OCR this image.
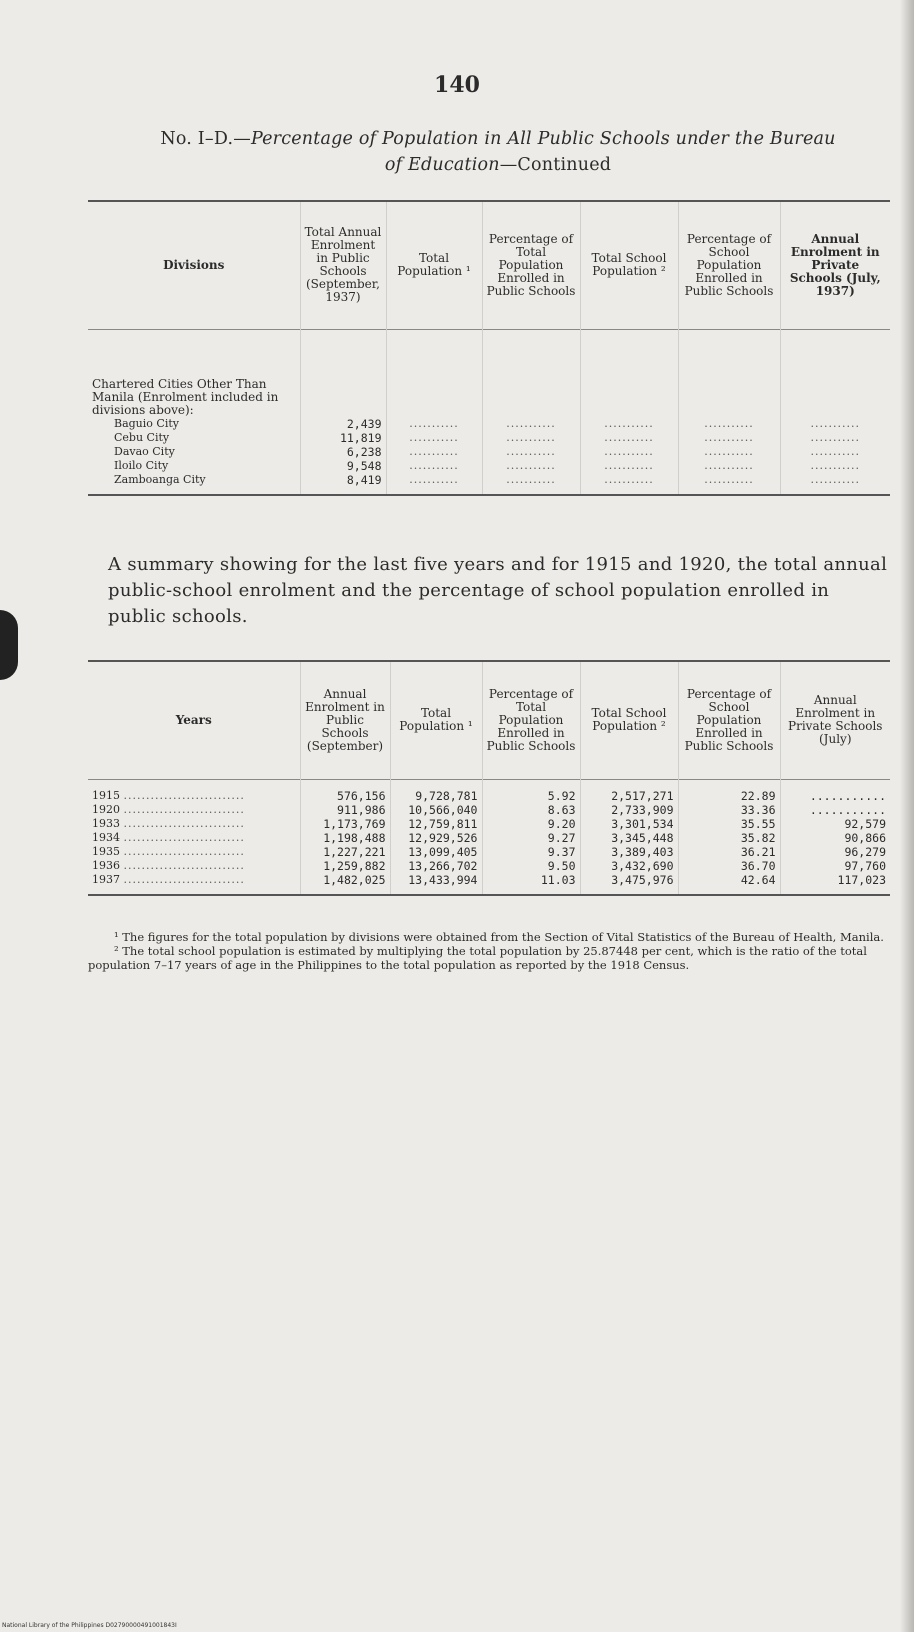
140
No. I–D.—Percentage of Population in All Public Schools under the Bureau
of Education—Continued
Divisions	Total Annual Enrolment in Public Schools (September, 1937)	Total Population ¹	Percentage of Total Population Enrolled in Public Schools	Total School Population ²	Percentage of School Population Enrolled in Public Schools	Annual Enrolment in Private Schools (July, 1937)
Chartered Cities Other Than Manila (Enrolment included in divisions above):						
Baguio City	2,439	...........	...........	...........	...........	...........
Cebu City	11,819	...........	...........	...........	...........	...........
Davao City	6,238	...........	...........	...........	...........	...........
Iloilo City	9,548	...........	...........	...........	...........	...........
Zamboanga City	8,419	...........	...........	...........	...........	...........
A summary showing for the last five years and for 1915 and 1920, the total annual public-school enrolment and the percentage of school population enrolled in public schools.
Years	Annual Enrolment in Public Schools (September)	Total Population ¹	Percentage of Total Population Enrolled in Public Schools	Total School Population ²	Percentage of School Population Enrolled in Public Schools	Annual Enrolment in Private Schools (July)

1915 ...........................	576,156	9,728,781	5.92	2,517,271	22.89	...........
1920 ...........................	911,986	10,566,040	8.63	2,733,909	33.36	...........
1933 ...........................	1,173,769	12,759,811	9.20	3,301,534	35.55	92,579
1934 ...........................	1,198,488	12,929,526	9.27	3,345,448	35.82	90,866
1935 ...........................	1,227,221	13,099,405	9.37	3,389,403	36.21	96,279
1936 ...........................	1,259,882	13,266,702	9.50	3,432,690	36.70	97,760
1937 ...........................	1,482,025	13,433,994	11.03	3,475,976	42.64	117,023

¹ The figures for the total population by divisions were obtained from the Section of Vital Statistics of the Bureau of Health, Manila.

² The total school population is estimated by multiplying the total population by 25.87448 per cent, which is the ratio of the total population 7–17 years of age in the Philippines to the total population as reported by the 1918 Census.

National Library of the Philippines D02790000491001843I
